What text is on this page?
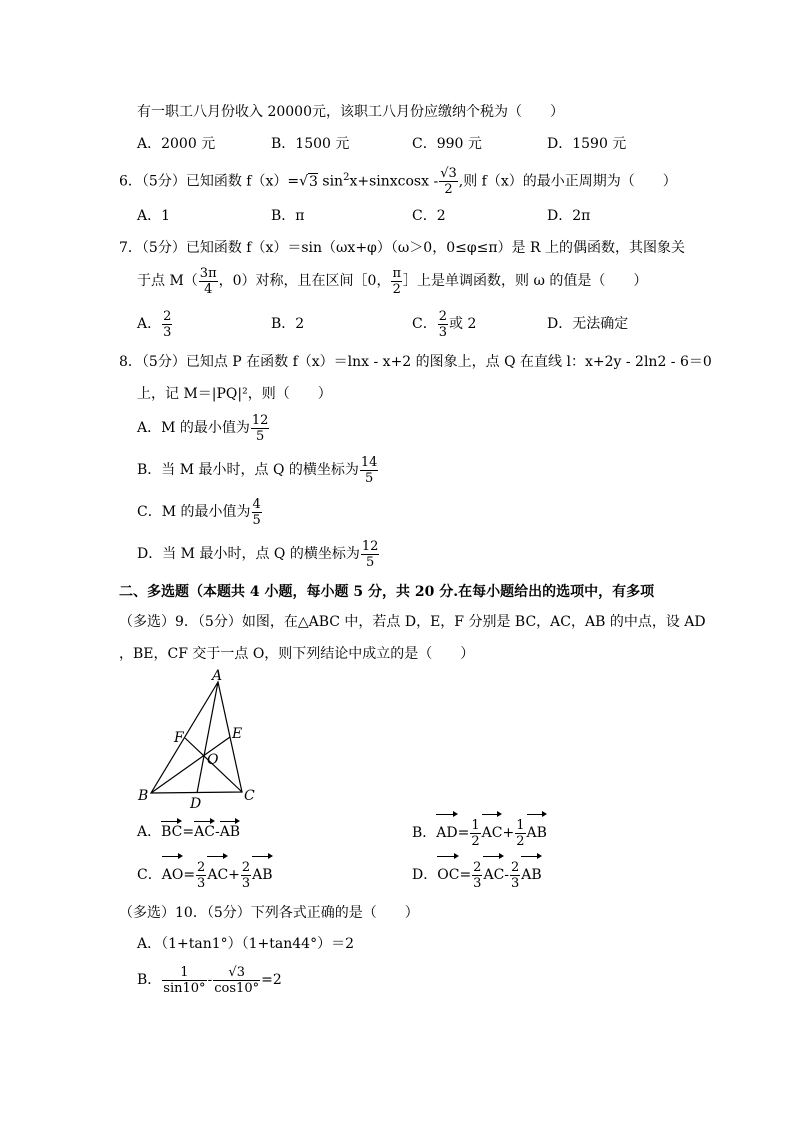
有一职工八月份收入 20000元，该职工八月份应缴纳个税为（　　）
A．2000 元	B．1500 元	C．990 元	D．1590 元
6．（5分）已知函数 f（x）=√3 $\sin^2x+sinxcosx - \frac{√3}{2}$ ,则 f（x）的最小正周期为（　　）
A．1	B．π	C．2	D．2π
7．（5分）已知函数 f（x）＝sin（ωx+φ）（ω＞0，0≤φ≤π）是 R 上的偶函数，其图象关
于点 $M( \frac{3\pi}{4}$ ，0）对称，且在区间［0， $\frac{\pi}{2}$ ］上是单调函数，则 ω 的值是（　　）
A． $\frac{2}{3}$	B．2	C． $\frac{2}{3}$ 或 2	D．无法确定
8．（5分）已知点 P 在函数 f（x）＝lnx - x+2 的图象上，点 Q 在直线 l：x+2y - 2ln2 - 6＝0
上，记 M＝|PQ|²，则（　　）
A．M 的最小值为 $\frac{12}{5}$
B．当 M 最小时，点 Q 的横坐标为 $\frac{14}{5}$
C．M 的最小值为 $\frac{4}{5}$
D．当 M 最小时，点 Q 的横坐标为 $\frac{12}{5}$
二、多选题（本题共 4 小题，每小题 5 分，共 20 分.在每小题给出的选项中，有多项
（多选）9．（5分）如图，在△ABC 中，若点 D，E，F 分别是 BC，AC，AB 的中点，设 AD
，BE，CF 交于一点 O，则下列结论中成立的是（　　）
A
B	C
D
E
F
O
A．BC=AC-AB	B．$AD= \frac{1}{2} AC+ \frac{1}{2}$ AB
C．$AO= \frac{2}{3} AC+ \frac{2}{3}$ AB	D．$OC= \frac{2}{3} AC- \frac{2}{3}$ AB
（多选）10．（5分）下列各式正确的是（　　）
A．（1+tan1°）（1+tan44°）＝2
B． $\frac{1}{\sin 10^\circ} - \frac{√3}{\cos 10^\circ} =2$
